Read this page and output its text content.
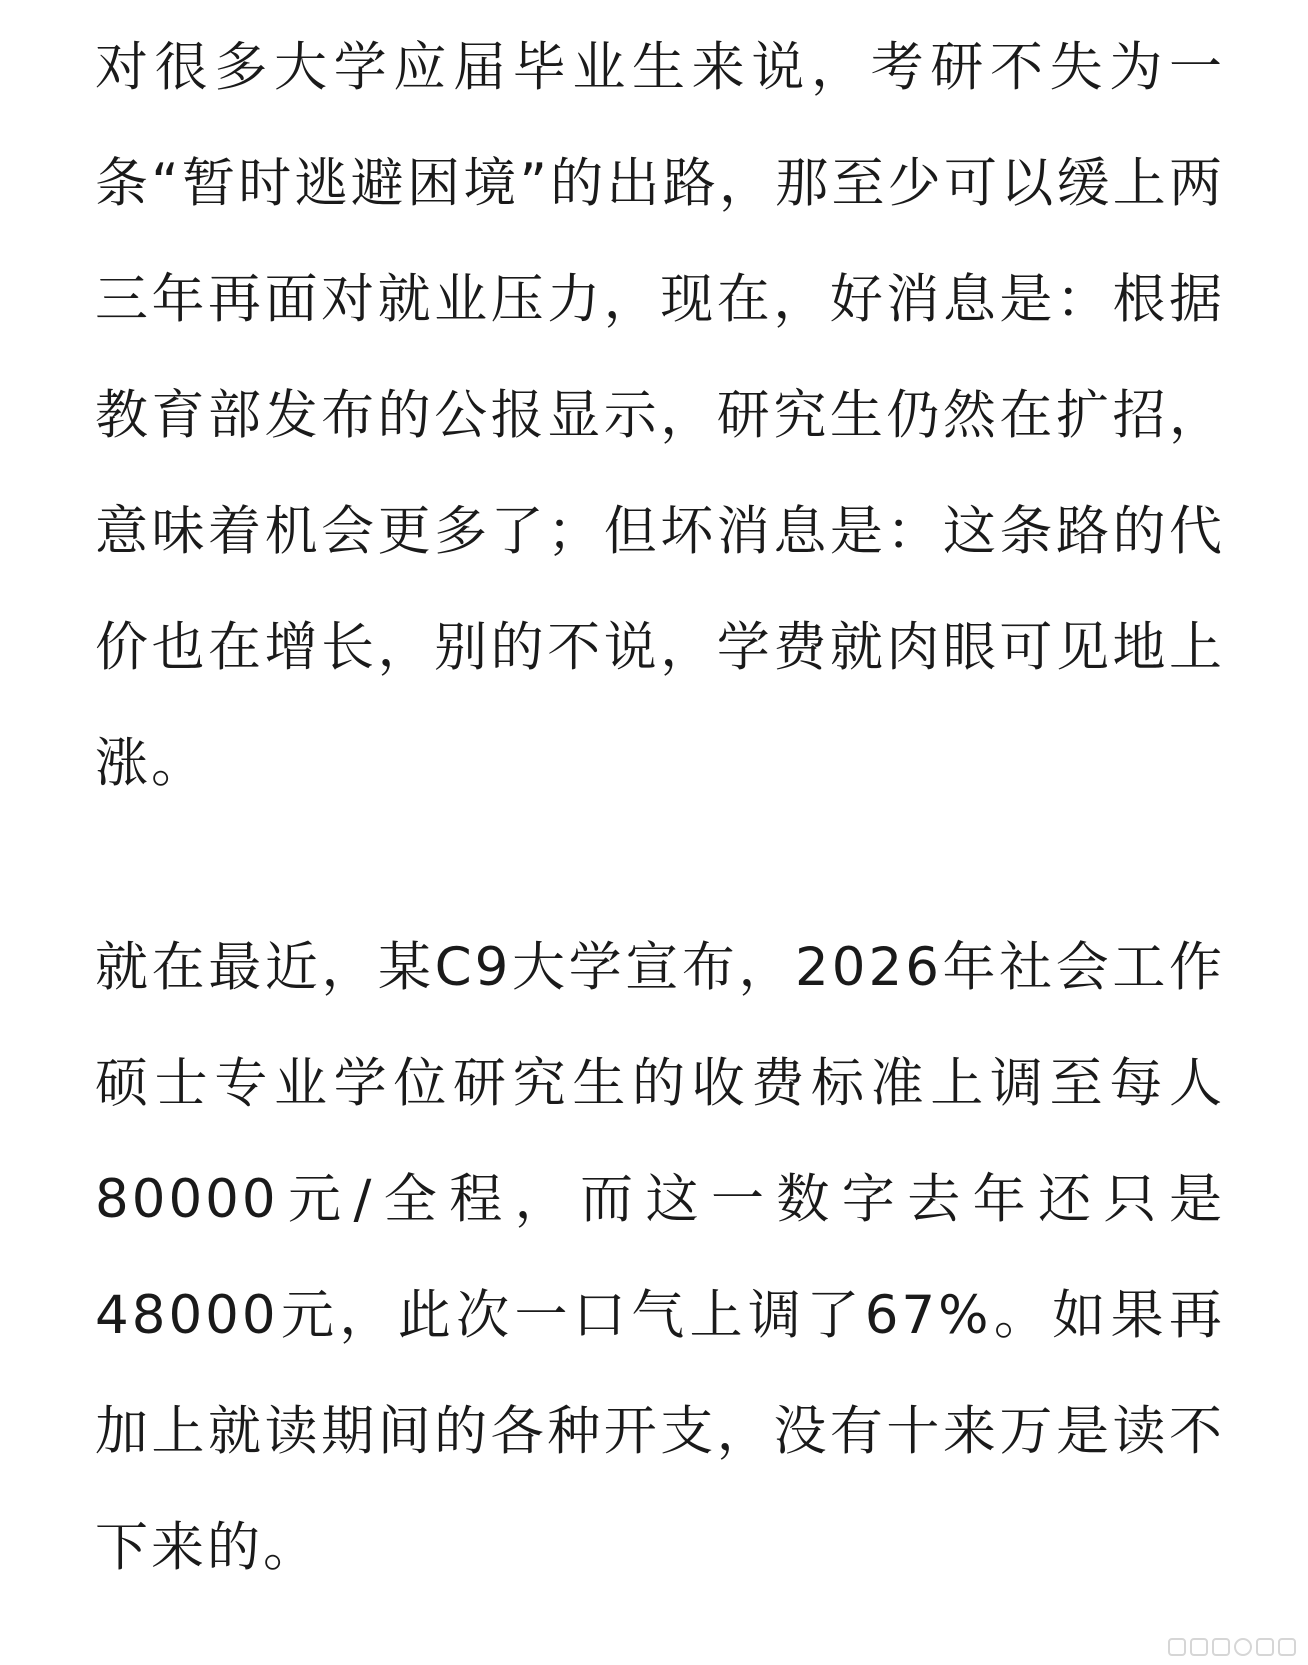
对很多大学应届毕业生来说，考研不失为一条“暂时逃避困境”的出路，那至少可以缓上两三年再面对就业压力，现在，好消息是：根据教育部发布的公报显示，研究生仍然在扩招，意味着机会更多了；但坏消息是：这条路的代价也在增长，别的不说，学费就肉眼可见地上涨。

就在最近，某C9大学宣布，2026年社会工作硕士专业学位研究生的收费标准上调至每人80000元/全程，而这一数字去年还只是48000元，此次一口气上调了67%。如果再加上就读期间的各种开支，没有十来万是读不下来的。
